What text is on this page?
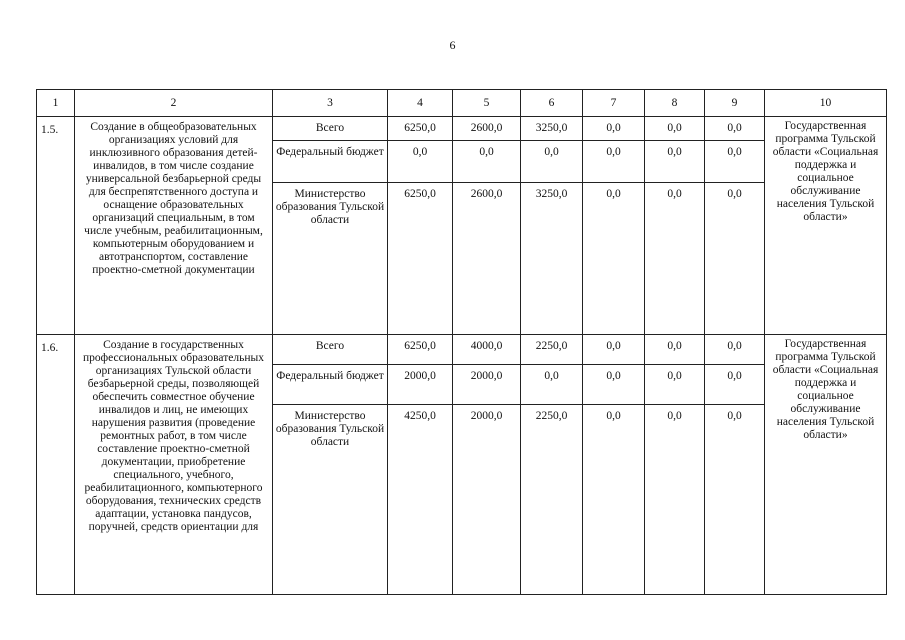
6
1	2	3	4	5	6	7	8	9	10
1.5.	Создание в общеобразовательных организациях условий для инклюзивного образования детей-инвалидов, в том числе создание универсальной безбарьерной среды для беспрепятственного доступа и оснащение образовательных организаций специальным, в том числе учебным, реабилитационным, компьютерным оборудованием и автотранспортом, составление проектно-сметной документации	Всего	6250,0	2600,0	3250,0	0,0	0,0	0,0	Государственная программа Тульской области «Социальная поддержка и социальное обслуживание населения Тульской области»
		Федеральный бюджет	0,0	0,0	0,0	0,0	0,0	0,0	
		Министерство образования Тульской области	6250,0	2600,0	3250,0	0,0	0,0	0,0	
1.6.	Создание в государственных профессиональных образовательных организациях Тульской области безбарьерной среды, позволяющей обеспечить совместное обучение инвалидов и лиц, не имеющих нарушения развития (проведение ремонтных работ, в том числе составление проектно-сметной документации, приобретение специального, учебного, реабилитационного, компьютерного оборудования, технических средств адаптации, установка пандусов, поручней, средств ориентации для	Всего	6250,0	4000,0	2250,0	0,0	0,0	0,0	Государственная программа Тульской области «Социальная поддержка и социальное обслуживание населения Тульской области»
		Федеральный бюджет	2000,0	2000,0	0,0	0,0	0,0	0,0	
		Министерство образования Тульской области	4250,0	2000,0	2250,0	0,0	0,0	0,0	
